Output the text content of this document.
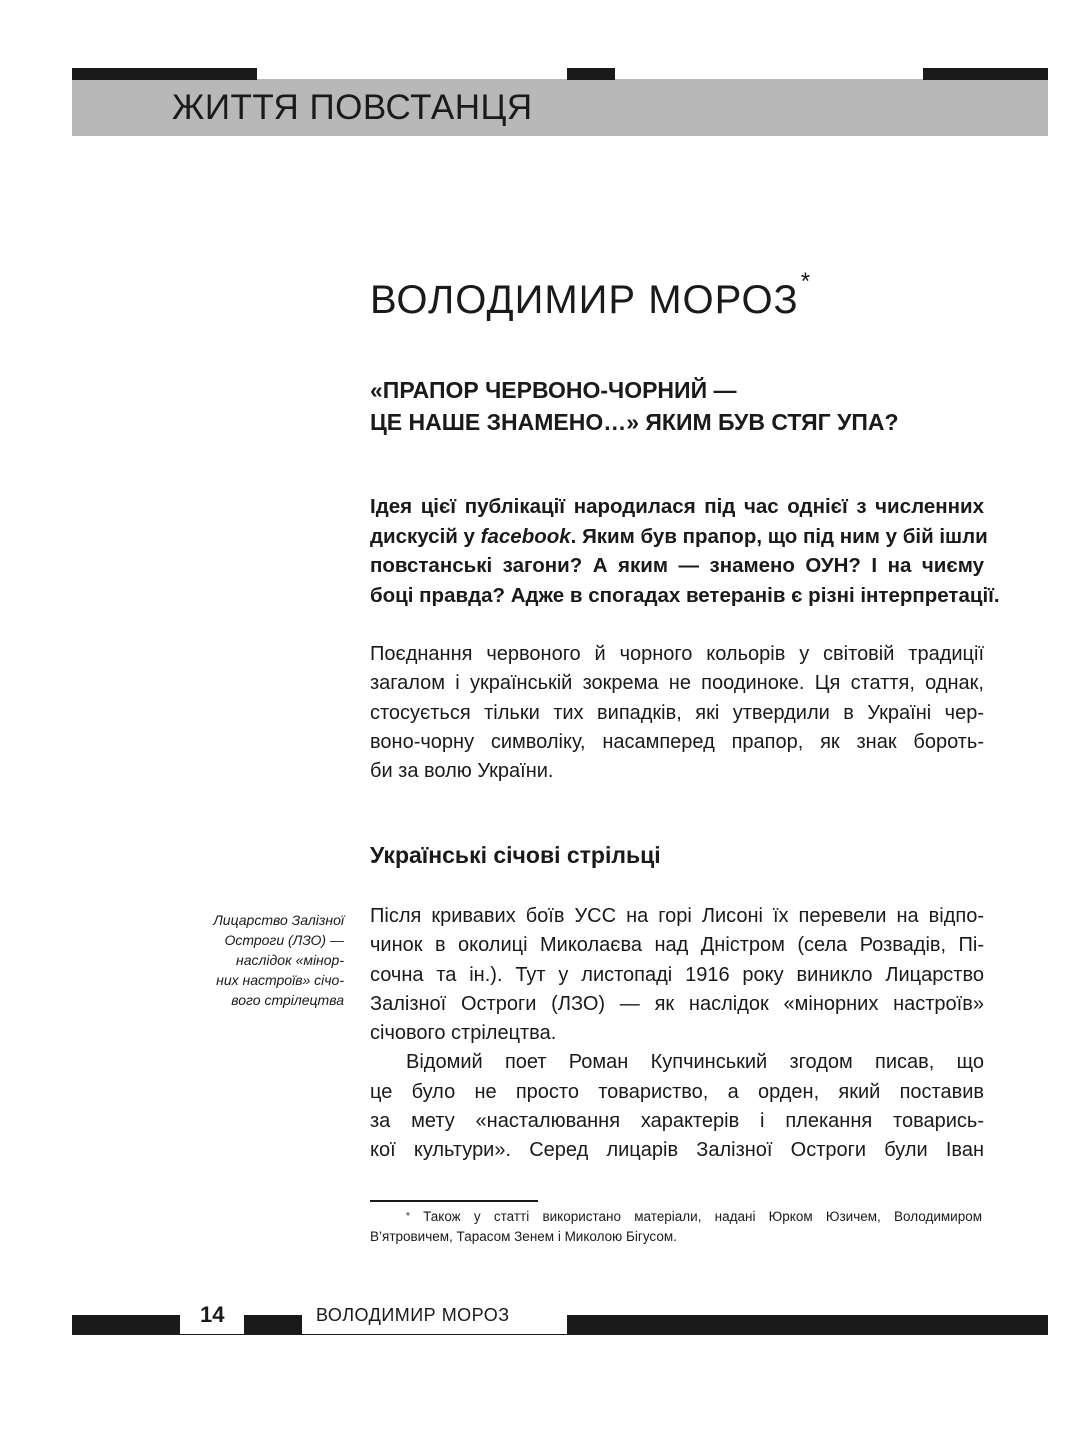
ЖИТТЯ ПОВСТАНЦЯ
ВОЛОДИМИР МОРОЗ*
«ПРАПОР ЧЕРВОНО-ЧОРНИЙ —
ЦЕ НАШЕ ЗНАМЕНО…» ЯКИМ БУВ СТЯГ УПА?
Ідея цієї публікації народилася під час однієї з численних
дискусій у facebook. Яким був прапор, що під ним у бій ішли
повстанські загони? А яким — знамено ОУН? І на чиєму
боці правда? Адже в спогадах ветеранів є різні інтерпретації.
Поєднання червоного й чорного кольорів у світовій традиції
загалом і українській зокрема не поодиноке. Ця стаття, однак,
стосується тільки тих випадків, які утвердили в Україні чер-
воно-чорну символіку, насамперед прапор, як знак бороть-
би за волю України.
Українські січові стрільці
Лицарство Залізної
Остроги (ЛЗО) —
наслідок «мінор-
них настроїв» січо-
вого стрілецтва
Після кривавих боїв УСС на горі Лисоні їх перевели на відпо-
чинок в околиці Миколаєва над Дністром (села Розвадів, Пі-
сочна та ін.). Тут у листопаді 1916 року виникло Лицарство
Залізної Остроги (ЛЗО) — як наслідок «мінорних настроїв»
січового стрілецтва.
Відомий поет Роман Купчинський згодом писав, що
це було не просто товариство, а орден, який поставив
за мету «насталювання характерів і плекання товарись-
кої культури». Серед лицарів Залізної Остроги були Іван
* Також у статті використано матеріали, надані Юрком Юзичем, Володимиром
В’ятровичем, Тарасом Зенем і Миколою Бігусом.
14	ВОЛОДИМИР МОРОЗ
